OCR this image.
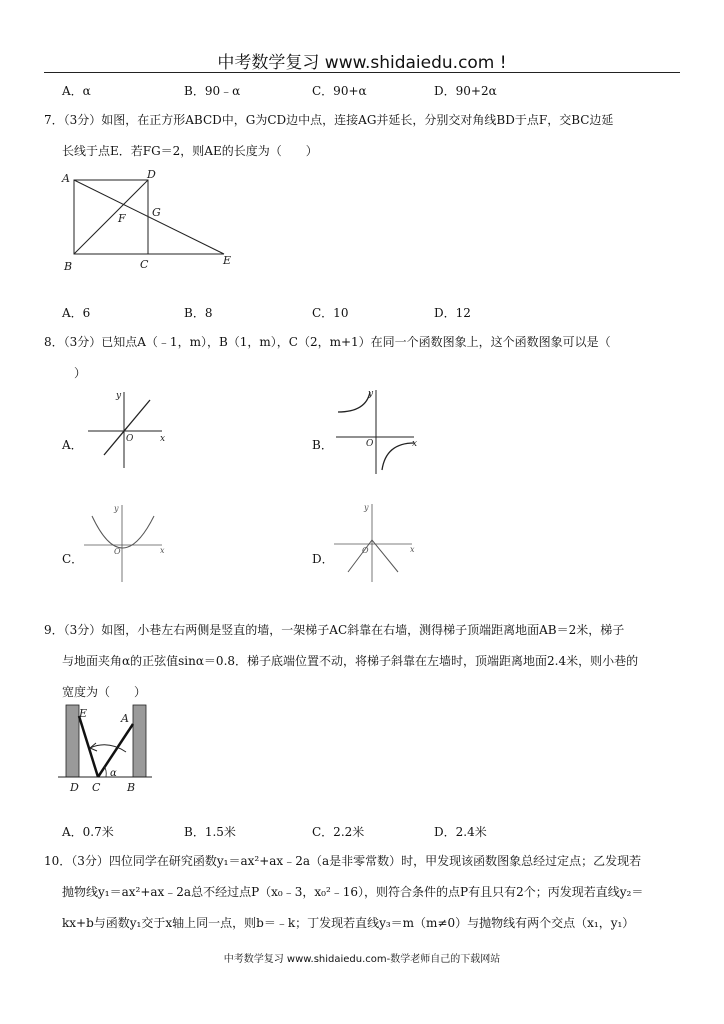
中考数学复习 www.shidaiedu.com !
A．α	B．90﹣α	C．90+α	D．90+2α
7．（3分）如图，在正方形ABCD中，G为CD边中点，连接AG并延长，分别交对角线BD于点F，交BC边延
长线于点E．若FG＝2，则AE的长度为（　　）
A	D
B	C	E
F G
A．6	B．8	C．10	D．12
8．（3分）已知点A（﹣1，m），B（1，m），C（2，m+1）在同一个函数图象上，这个函数图象可以是（
）
A．	B．
C．	D．
y
x
O
y
x
O
y
x
O
y
x
O
9．（3分）如图，小巷左右两侧是竖直的墙，一架梯子AC斜靠在右墙，测得梯子顶端距离地面AB＝2米，梯子
与地面夹角α的正弦值sinα＝0.8．梯子底端位置不动，将梯子斜靠在左墙时，顶端距离地面2.4米，则小巷的
宽度为（　　）
E	A
D C B
α
A．0.7米	B．1.5米	C．2.2米	D．2.4米
10．（3分）四位同学在研究函数y₁＝ax²+ax﹣2a（a是非零常数）时，甲发现该函数图象总经过定点；乙发现若
抛物线y₁＝ax²+ax﹣2a总不经过点P（x₀﹣3，x₀²﹣16），则符合条件的点P有且只有2个；丙发现若直线y₂＝
kx+b与函数y₁交于x轴上同一点，则b＝﹣k；丁发现若直线y₃＝m（m≠0）与抛物线有两个交点（x₁，y₁）
中考数学复习 www.shidaiedu.com-数学老师自己的下载网站
